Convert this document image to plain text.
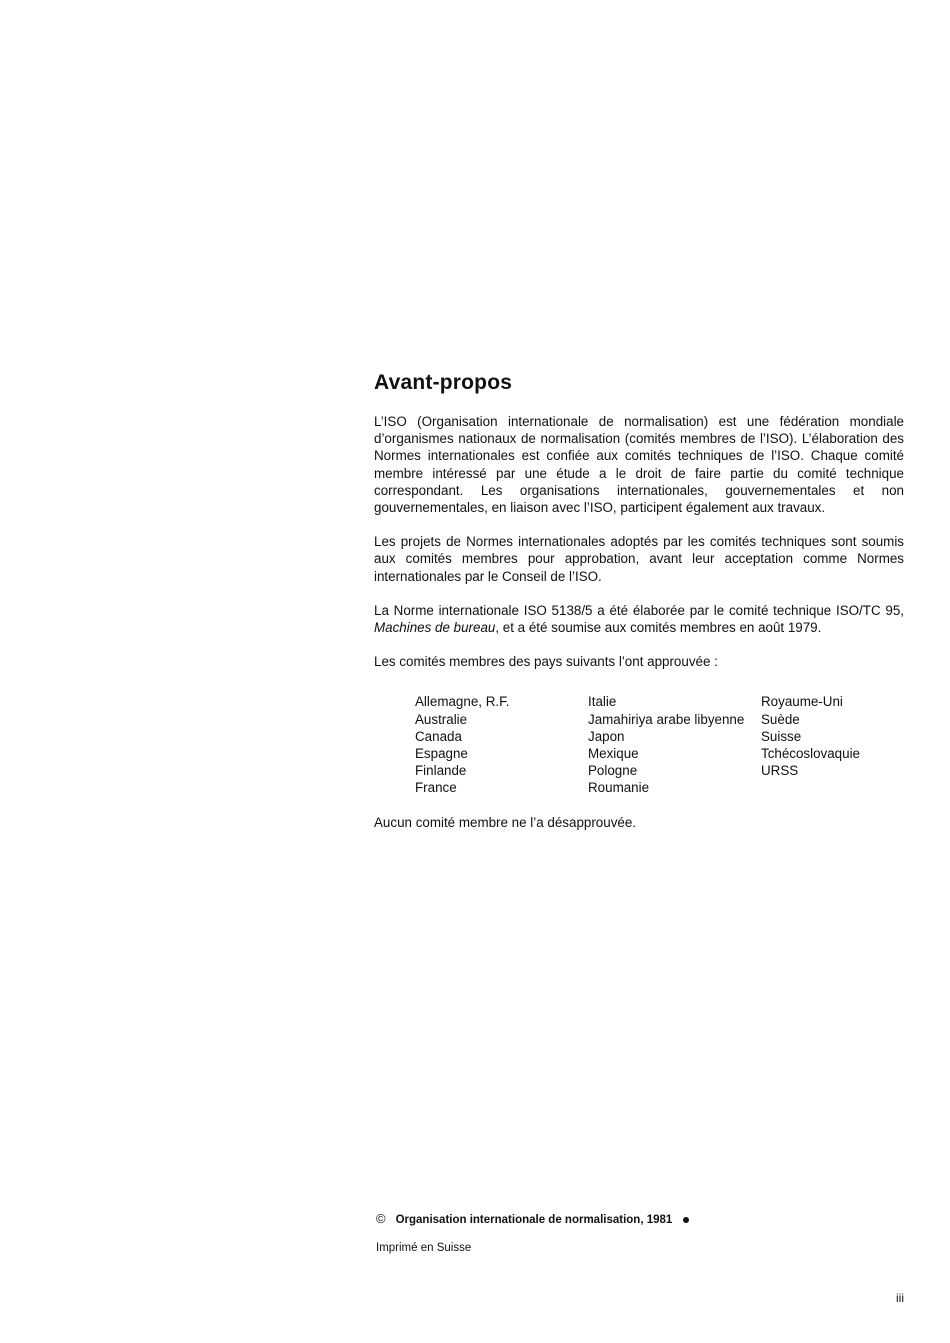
Avant-propos

L’ISO (Organisation internationale de normalisation) est une fédération mondiale d’organismes nationaux de normalisation (comités membres de l’ISO). L’élaboration des Normes internationales est confiée aux comités techniques de l’ISO. Chaque comité membre intéressé par une étude a le droit de faire partie du comité technique correspondant. Les organisations internationales, gouvernementales et non gouvernementales, en liaison avec l’ISO, participent également aux travaux.

Les projets de Normes internationales adoptés par les comités techniques sont soumis aux comités membres pour approbation, avant leur acceptation comme Normes internationales par le Conseil de l’ISO.

La Norme internationale ISO 5138/5 a été élaborée par le comité technique ISO/TC 95, Machines de bureau, et a été soumise aux comités membres en août 1979.

Les comités membres des pays suivants l’ont approuvée :

Allemagne, R.F.
Australie
Canada
Espagne
Finlande
France
Italie
Jamahiriya arabe libyenne
Japon
Mexique
Pologne
Roumanie
Royaume-Uni
Suède
Suisse
Tchécoslovaquie
URSS

Aucun comité membre ne l’a désapprouvée.

© Organisation internationale de normalisation, 1981
Imprimé en Suisse
iii
